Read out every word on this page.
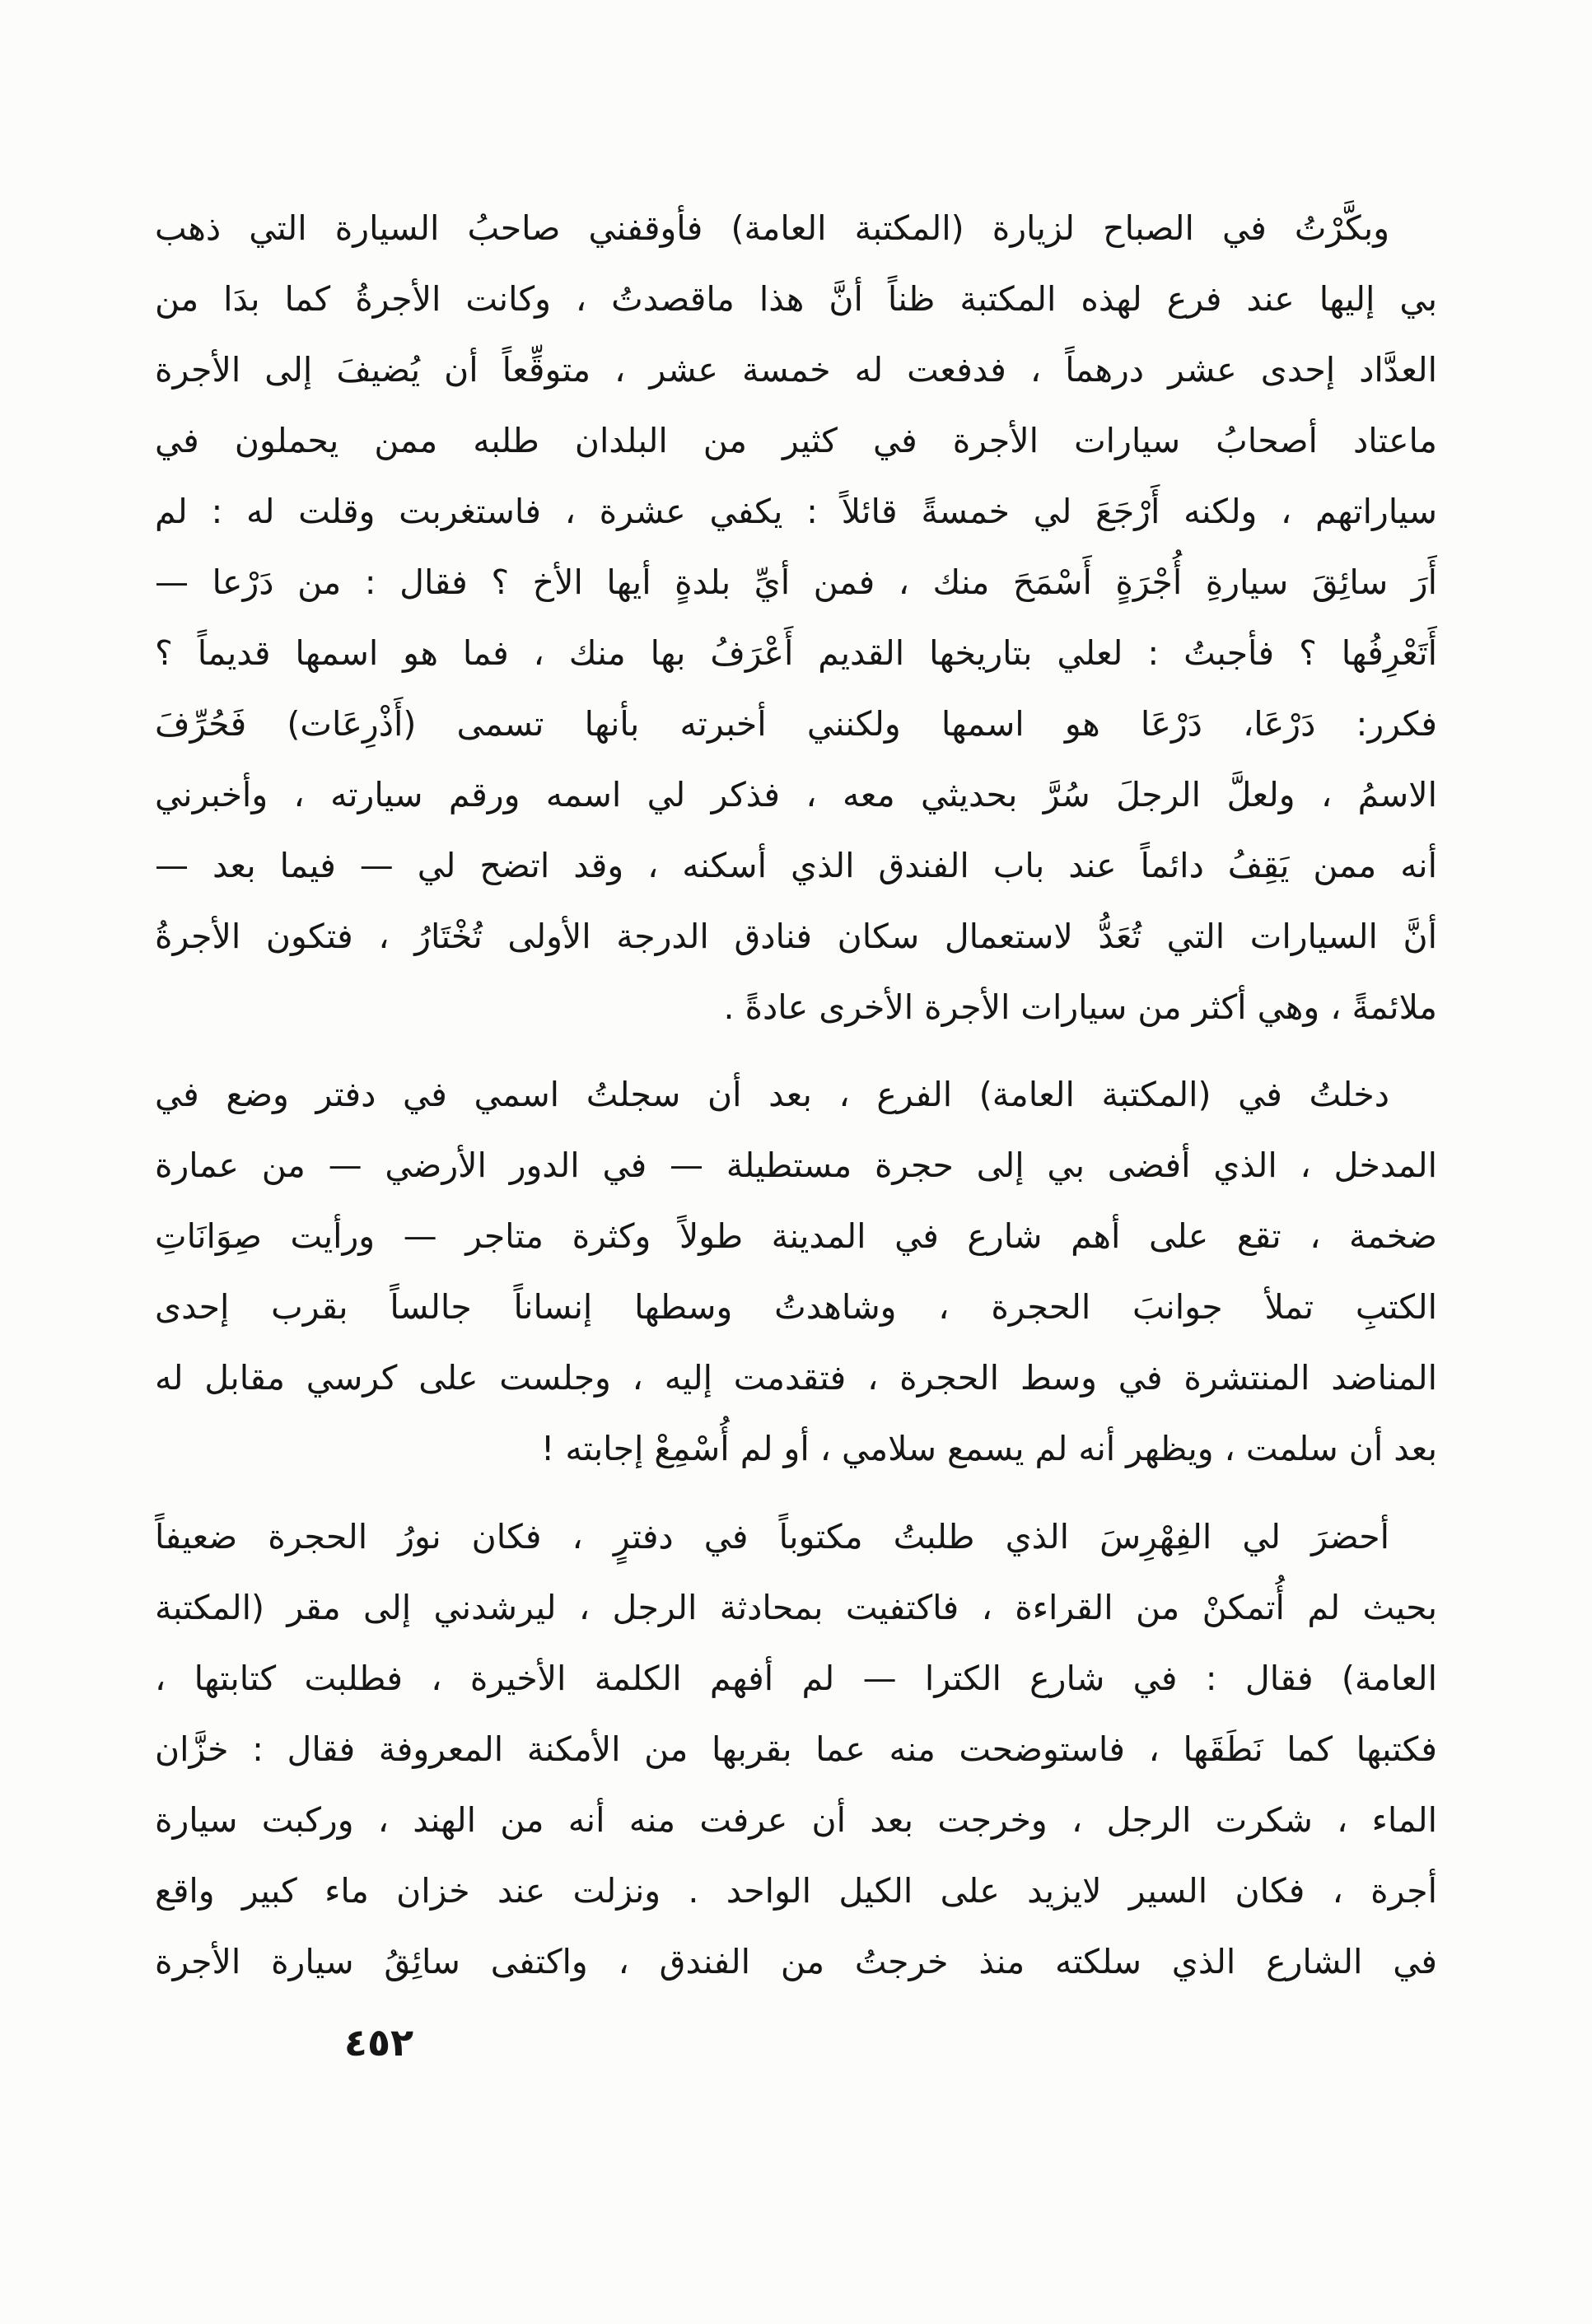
وبكَّرْتُ في الصباح لزيارة (المكتبة العامة) فأوقفني صاحبُ السيارة التي ذهب
بي إليها عند فرع لهذه المكتبة ظناً أنَّ هذا ماقصدتُ ، وكانت الأجرةُ كما بدَا من
العدَّاد إحدى عشر درهماً ، فدفعت له خمسة عشر ، متوقِّعاً أن يُضيفَ إلى الأجرة
ماعتاد أصحابُ سيارات الأجرة في كثير من البلدان طلبه ممن يحملون في
سياراتهم ، ولكنه أَرْجَعَ لي خمسةً قائلاً : يكفي عشرة ، فاستغربت وقلت له : لم
أَرَ سائِقَ سيارةِ أُجْرَةٍ أَسْمَحَ منك ، فمن أيِّ بلدةٍ أيها الأخ ؟ فقال : من دَرْعا —
أَتَعْرِفُها ؟ فأجبتُ : لعلي بتاريخها القديم أَعْرَفُ بها منك ، فما هو اسمها قديماً ؟
فكرر: دَرْعَا، دَرْعَا هو اسمها ولكنني أخبرته بأنها تسمى (أَذْرِعَات) فَحُرِّفَ
الاسمُ ، ولعلَّ الرجلَ سُرَّ بحديثي معه ، فذكر لي اسمه ورقم سيارته ، وأخبرني
أنه ممن يَقِفُ دائماً عند باب الفندق الذي أسكنه ، وقد اتضح لي — فيما بعد —
أنَّ السيارات التي تُعَدُّ لاستعمال سكان فنادق الدرجة الأولى تُخْتَارُ ، فتكون الأجرةُ
ملائمةً ، وهي أكثر من سيارات الأجرة الأخرى عادةً .
دخلتُ في (المكتبة العامة) الفرع ، بعد أن سجلتُ اسمي في دفتر وضع في
المدخل ، الذي أفضى بي إلى حجرة مستطيلة — في الدور الأرضي — من عمارة
ضخمة ، تقع على أهم شارع في المدينة طولاً وكثرة متاجر — ورأيت صِوَانَاتِ
الكتبِ تملأ جوانبَ الحجرة ، وشاهدتُ وسطها إنساناً جالساً بقرب إحدى
المناضد المنتشرة في وسط الحجرة ، فتقدمت إليه ، وجلست على كرسي مقابل له
بعد أن سلمت ، ويظهر أنه لم يسمع سلامي ، أو لم أُسْمِعْ إجابته !
أحضرَ لي الفِهْرِسَ الذي طلبتُ مكتوباً في دفترٍ ، فكان نورُ الحجرة ضعيفاً
بحيث لم أُتمكنْ من القراءة ، فاكتفيت بمحادثة الرجل ، ليرشدني إلى مقر (المكتبة
العامة) فقال : في شارع الكترا — لم أفهم الكلمة الأخيرة ، فطلبت كتابتها ،
فكتبها كما نَطَقَها ، فاستوضحت منه عما بقربها من الأمكنة المعروفة فقال : خزَّان
الماء ، شكرت الرجل ، وخرجت بعد أن عرفت منه أنه من الهند ، وركبت سيارة
أجرة ، فكان السير لايزيد على الكيل الواحد . ونزلت عند خزان ماء كبير واقع
في الشارع الذي سلكته منذ خرجتُ من الفندق ، واكتفى سائِقُ سيارة الأجرة
٤٥٢
